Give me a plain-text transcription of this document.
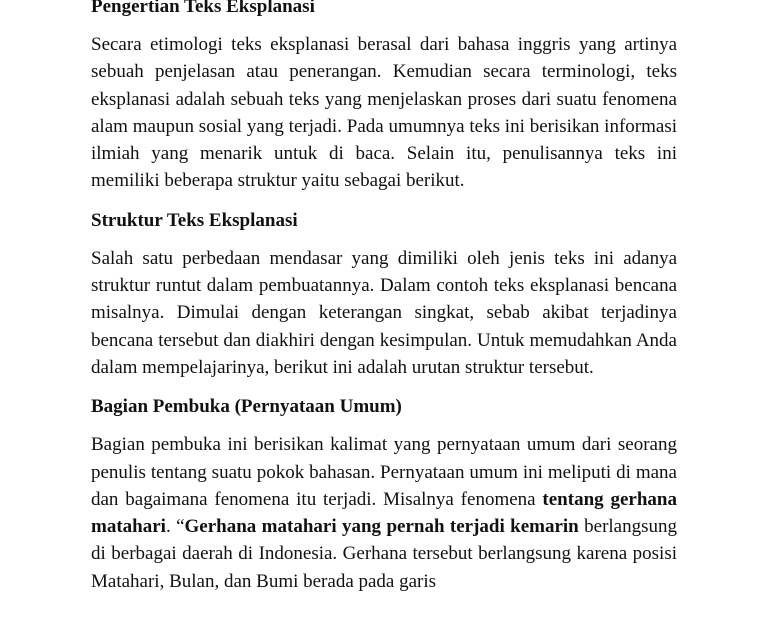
Pengertian Teks Eksplanasi

Secara etimologi teks eksplanasi berasal dari bahasa inggris yang artinya sebuah penjelasan atau penerangan. Kemudian secara terminologi, teks eksplanasi adalah sebuah teks yang menjelaskan proses dari suatu fenomena alam maupun sosial yang terjadi. Pada umumnya teks ini berisikan informasi ilmiah yang menarik untuk di baca. Selain itu, penulisannya teks ini memiliki beberapa struktur yaitu sebagai berikut.

Struktur Teks Eksplanasi

Salah satu perbedaan mendasar yang dimiliki oleh jenis teks ini adanya struktur runtut dalam pembuatannya. Dalam contoh teks eksplanasi bencana misalnya. Dimulai dengan keterangan singkat, sebab akibat terjadinya bencana tersebut dan diakhiri dengan kesimpulan. Untuk memudahkan Anda dalam mempelajarinya, berikut ini adalah urutan struktur tersebut.

Bagian Pembuka (Pernyataan Umum)

Bagian pembuka ini berisikan kalimat yang pernyataan umum dari seorang penulis tentang suatu pokok bahasan. Pernyataan umum ini meliputi di mana dan bagaimana fenomena itu terjadi. Misalnya fenomena tentang gerhana matahari. “Gerhana matahari yang pernah terjadi kemarin berlangsung di berbagai daerah di Indonesia. Gerhana tersebut berlangsung karena posisi Matahari, Bulan, dan Bumi berada pada garis
